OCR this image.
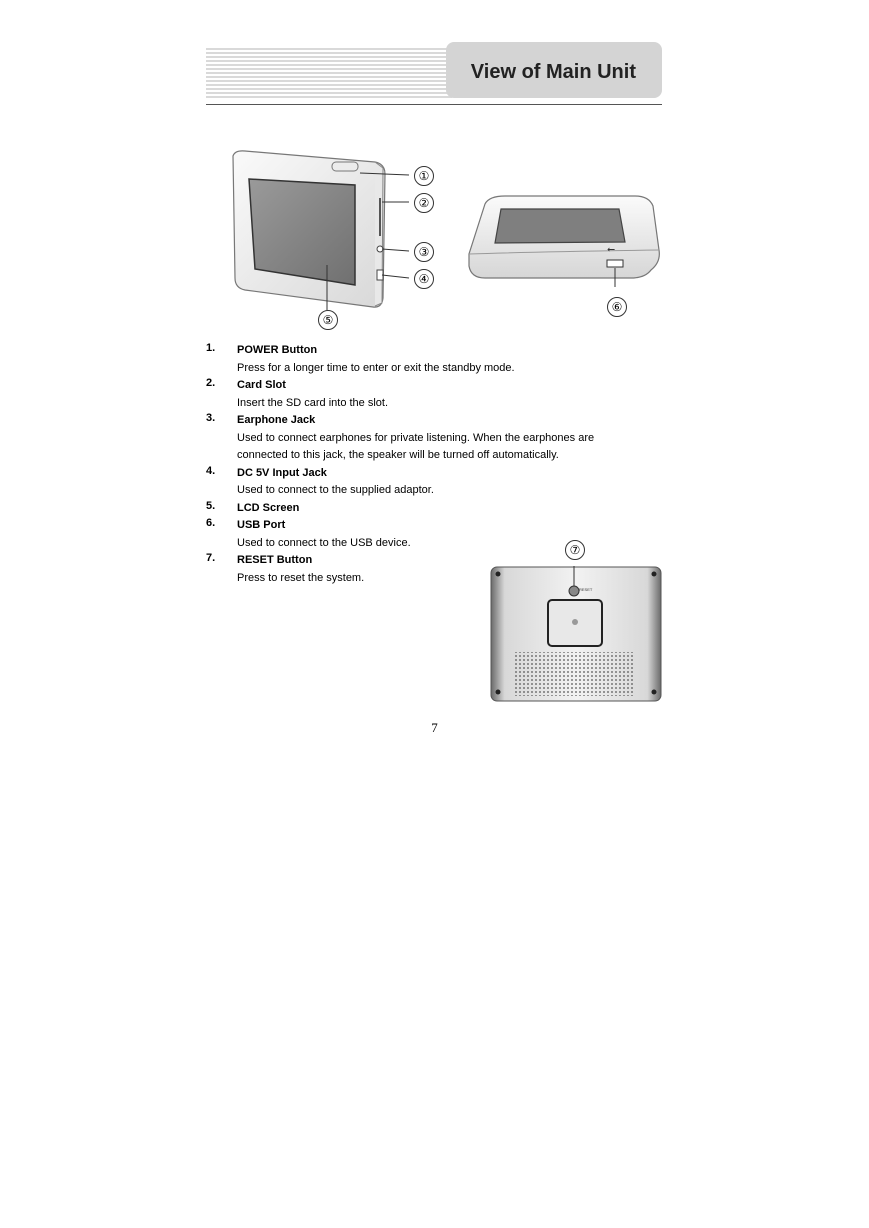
View of Main Unit
①
②
③
④
⑤
⭠
⑥
RESET
⑦
1. POWER Button
Press for a longer time to enter or exit the standby mode.
2. Card Slot
Insert the SD card into the slot.
3. Earphone Jack
Used to connect earphones for private listening. When the earphones are
connected to this jack, the speaker will be turned off automatically.
4. DC 5V Input Jack
Used to connect to the supplied adaptor.
5. LCD Screen
6. USB Port
Used to connect to the USB device.
7. RESET Button
Press to reset the system.
7
